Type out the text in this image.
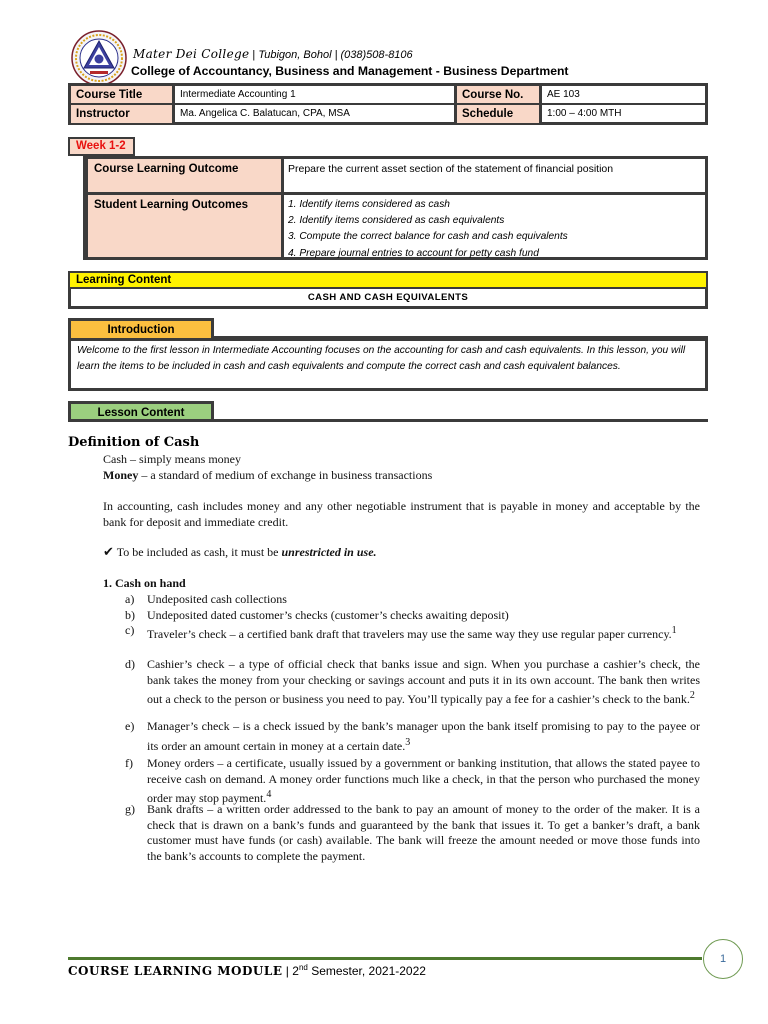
Mater Dei College | Tubigon, Bohol | (038)508-8106
College of Accountancy, Business and Management - Business Department
Course Title	Intermediate Accounting 1	Course No.	AE 103
Instructor	Ma. Angelica C. Balatucan, CPA, MSA	Schedule	1:00 – 4:00 MTH
Week 1-2
Course Learning Outcome	Prepare the current asset section of the statement of financial position
Student Learning Outcomes	1. Identify items considered as cash
2. Identify items considered as cash equivalents
3. Compute the correct balance for cash and cash equivalents
4. Prepare journal entries to account for petty cash fund
Learning Content
CASH AND CASH EQUIVALENTS
Introduction
Welcome to the first lesson in Intermediate Accounting focuses on the accounting for cash and cash equivalents. In this lesson, you will learn the items to be included in cash and cash equivalents and compute the correct cash and cash equivalent balances.
Lesson Content
Definition of Cash
Cash – simply means money
Money – a standard of medium of exchange in business transactions
In accounting, cash includes money and any other negotiable instrument that is payable in money and acceptable by the bank for deposit and immediate credit.
✔ To be included as cash, it must be unrestricted in use.
1. Cash on hand
a) Undeposited cash collections
b) Undeposited dated customer’s checks (customer’s checks awaiting deposit)
c) Traveler’s check – a certified bank draft that travelers may use the same way they use regular paper currency.$^1$
d) Cashier’s check – a type of official check that banks issue and sign. When you purchase a cashier’s check, the bank takes the money from your checking or savings account and puts it in its own account. The bank then writes out a check to the person or business you need to pay. You’ll typically pay a fee for a cashier’s check to the bank.$^2$
e) Manager’s check – is a check issued by the bank’s manager upon the bank itself promising to pay to the payee or its order an amount certain in money at a certain date.$^3$
f) Money orders – a certificate, usually issued by a government or banking institution, that allows the stated payee to receive cash on demand. A money order functions much like a check, in that the person who purchased the money order may stop payment.$^4$
g) Bank drafts – a written order addressed to the bank to pay an amount of money to the order of the maker. It is a check that is drawn on a bank’s funds and guaranteed by the bank that issues it. To get a banker’s draft, a bank customer must have funds (or cash) available. The bank will freeze the amount needed or move those funds into the bank’s accounts to complete the payment.
COURSE LEARNING MODULE | 2nd Semester, 2021-2022
1
